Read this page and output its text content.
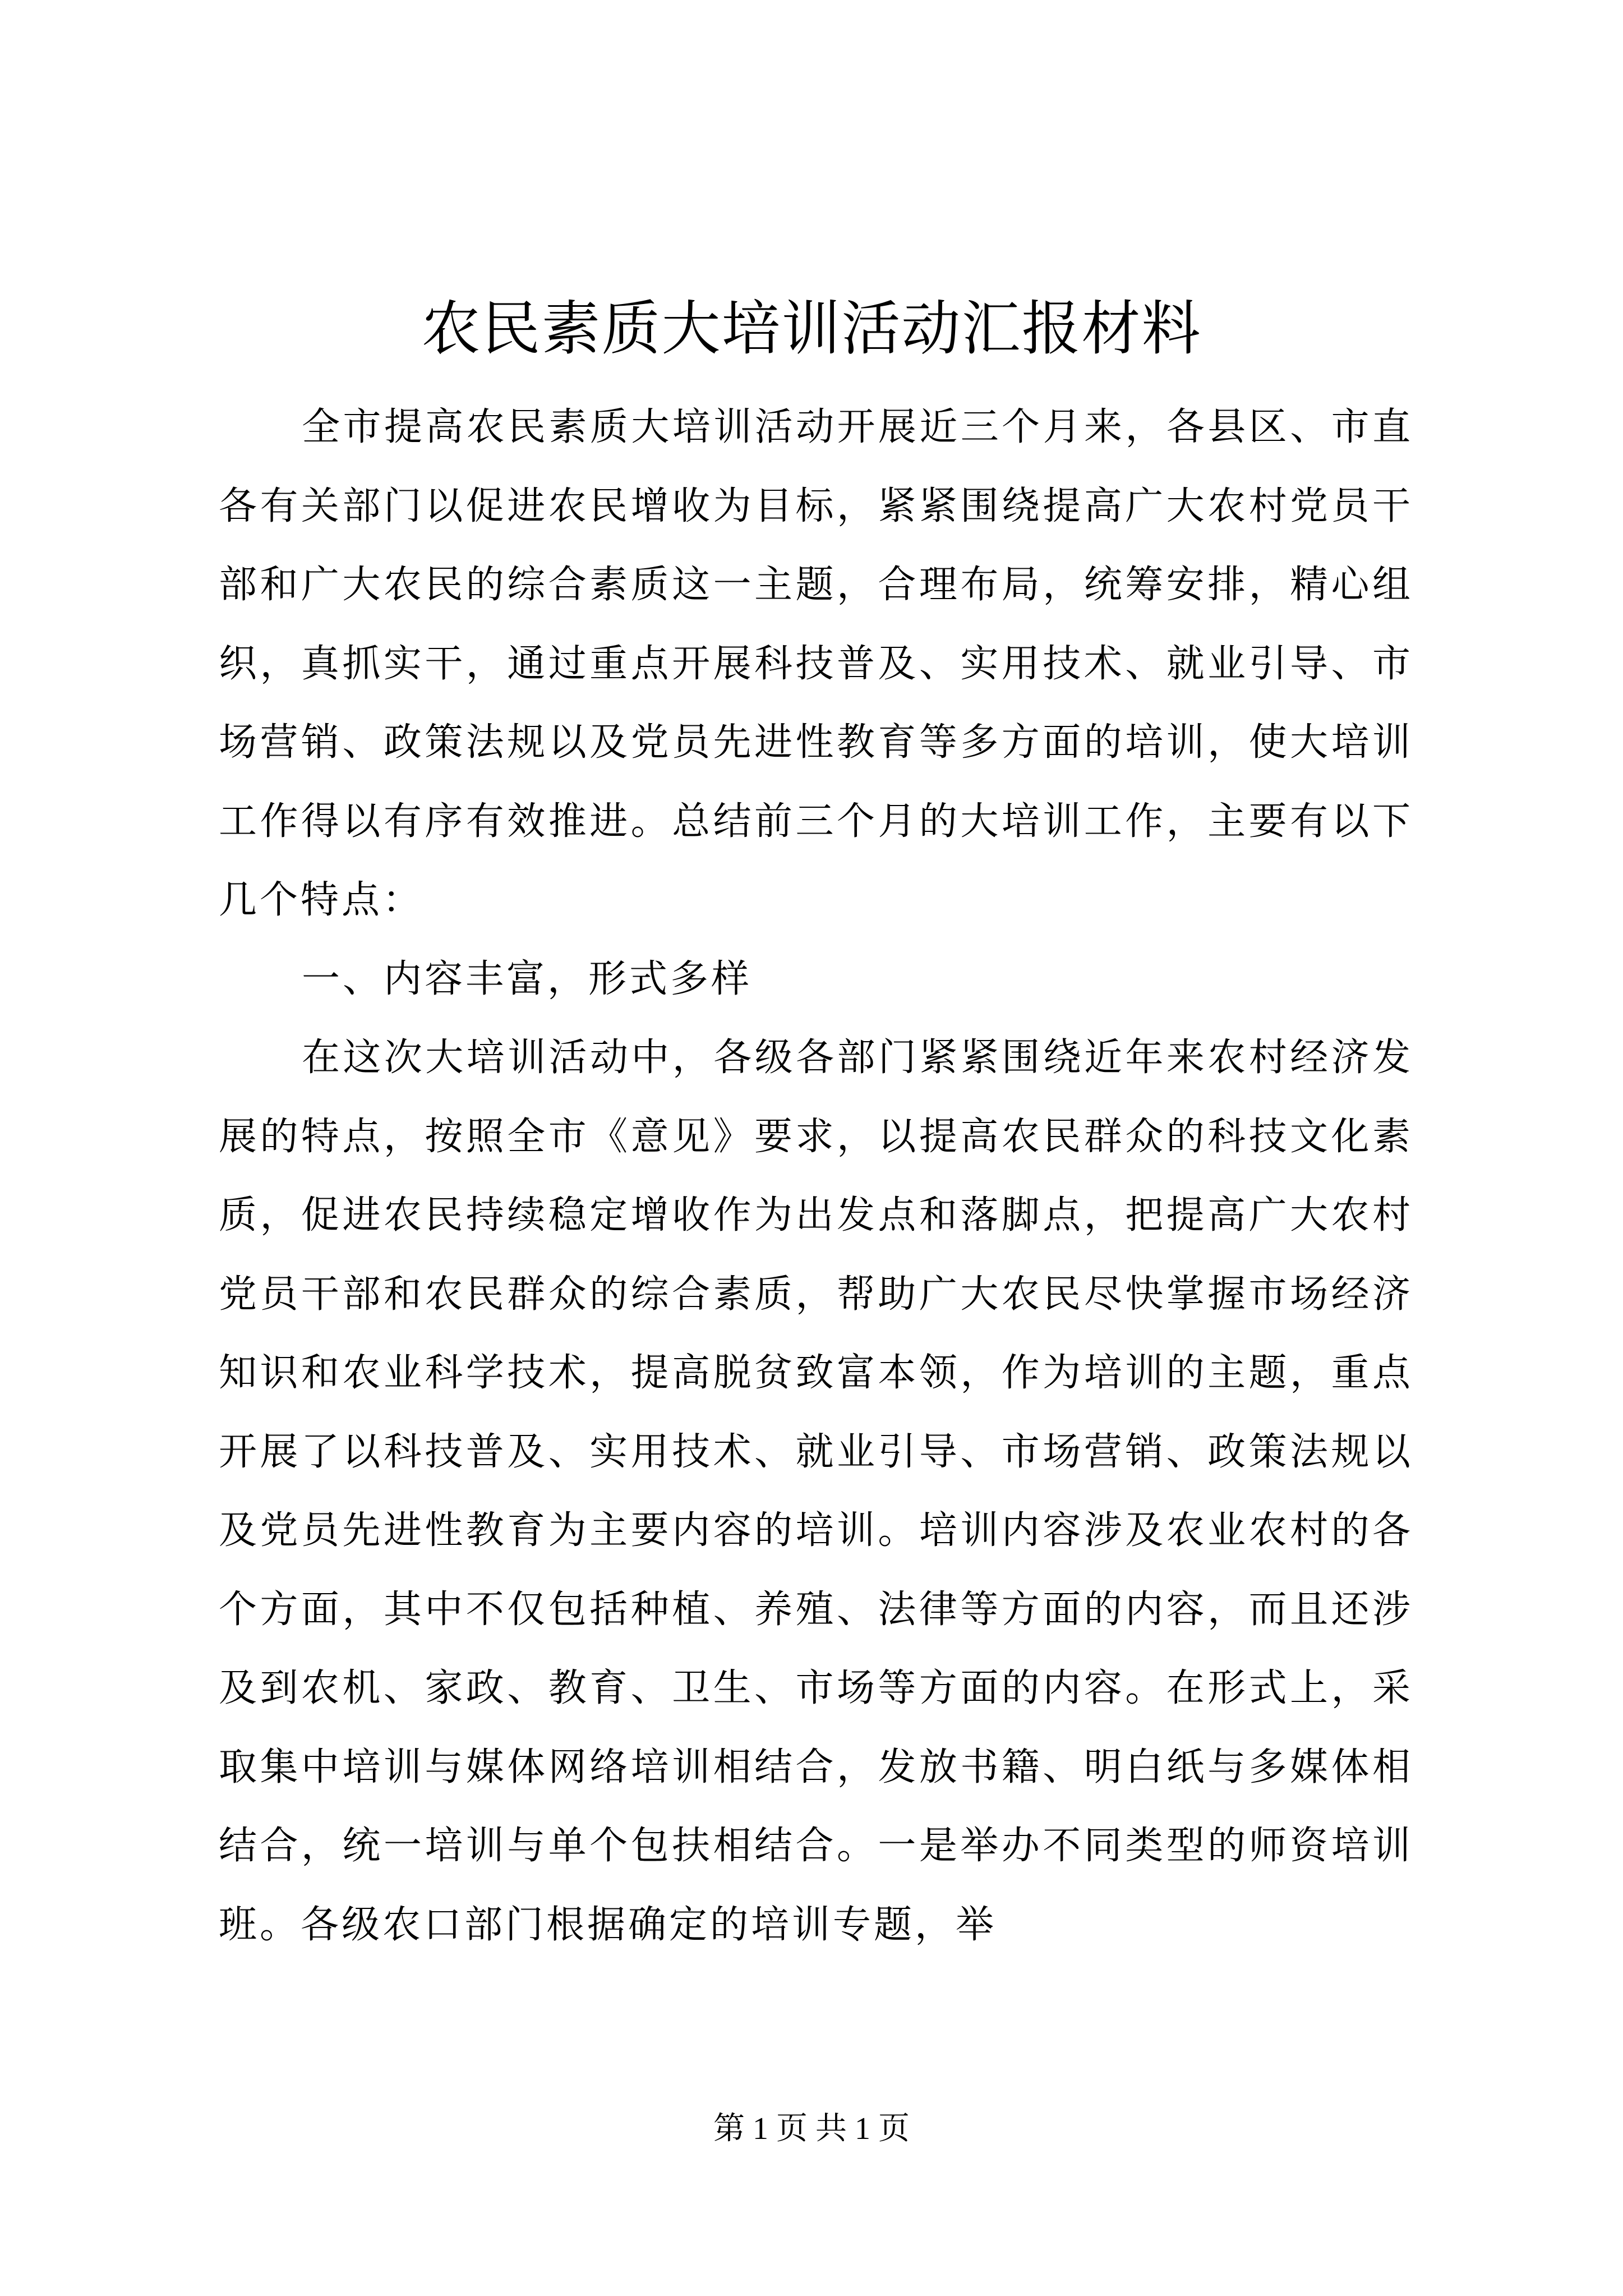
农民素质大培训活动汇报材料

全市提高农民素质大培训活动开展近三个月来，各县区、市直各有关部门以促进农民增收为目标，紧紧围绕提高广大农村党员干部和广大农民的综合素质这一主题，合理布局，统筹安排，精心组织，真抓实干，通过重点开展科技普及、实用技术、就业引导、市场营销、政策法规以及党员先进性教育等多方面的培训，使大培训工作得以有序有效推进。总结前三个月的大培训工作，主要有以下几个特点：

一、内容丰富，形式多样

在这次大培训活动中，各级各部门紧紧围绕近年来农村经济发展的特点，按照全市《意见》要求，以提高农民群众的科技文化素质，促进农民持续稳定增收作为出发点和落脚点，把提高广大农村党员干部和农民群众的综合素质，帮助广大农民尽快掌握市场经济知识和农业科学技术，提高脱贫致富本领，作为培训的主题，重点开展了以科技普及、实用技术、就业引导、市场营销、政策法规以及党员先进性教育为主要内容的培训。培训内容涉及农业农村的各个方面，其中不仅包括种植、养殖、法律等方面的内容，而且还涉及到农机、家政、教育、卫生、市场等方面的内容。在形式上，采取集中培训与媒体网络培训相结合，发放书籍、明白纸与多媒体相结合，统一培训与单个包扶相结合。一是举办不同类型的师资培训班。各级农口部门根据确定的培训专题，举

第 1 页 共 1 页
